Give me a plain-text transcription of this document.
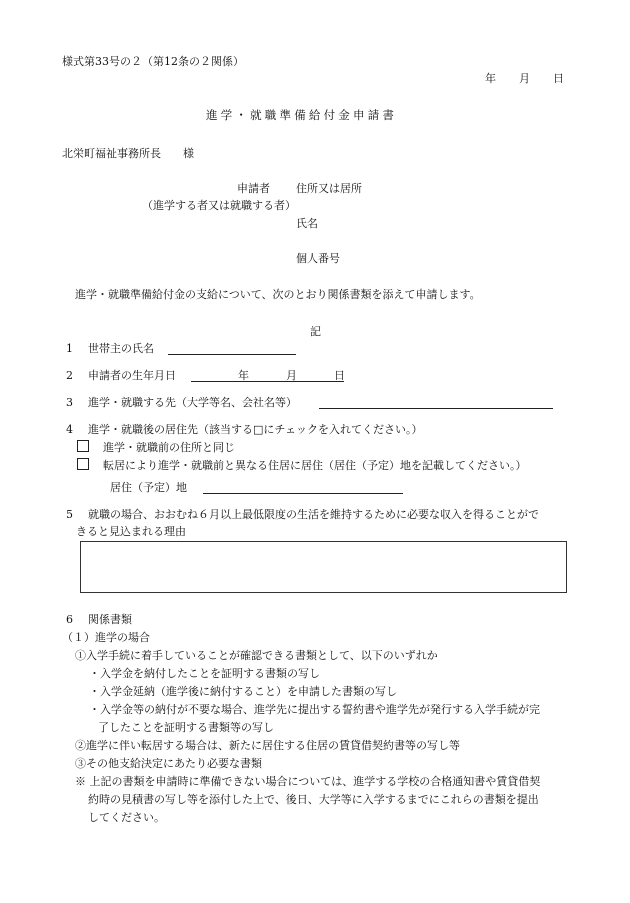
様式第33号の２（第12条の２関係）
年 月 日
進学・就職準備給付金申請書
北栄町福祉事務所長　　様
申請者 住所又は居所
（進学する者又は就職する者）
氏名
個人番号
進学・就職準備給付金の支給について、次のとおり関係書類を添えて申請します。
記
1 世帯主の氏名
2 申請者の生年月日	年	月	日
3 進学・就職する先（大学等名、会社名等）
4 進学・就職後の居住先（該当する□にチェックを入れてください。）
進学・就職前の住所と同じ
転居により進学・就職前と異なる住居に居住（居住（予定）地を記載してください。）
居住（予定）地
5 就職の場合、おおむね６月以上最低限度の生活を維持するために必要な収入を得ることがで
きると見込まれる理由
6 関係書類
（１）進学の場合
①入学手続に着手していることが確認できる書類として、以下のいずれか
・入学金を納付したことを証明する書類の写し
・入学金延納（進学後に納付すること）を申請した書類の写し
・入学金等の納付が不要な場合、進学先に提出する誓約書や進学先が発行する入学手続が完
了したことを証明する書類等の写し
②進学に伴い転居する場合は、新たに居住する住居の賃貸借契約書等の写し等
③その他支給決定にあたり必要な書類
※ 上記の書類を申請時に準備できない場合については、進学する学校の合格通知書や賃貸借契
約時の見積書の写し等を添付した上で、後日、大学等に入学するまでにこれらの書類を提出
してください。
